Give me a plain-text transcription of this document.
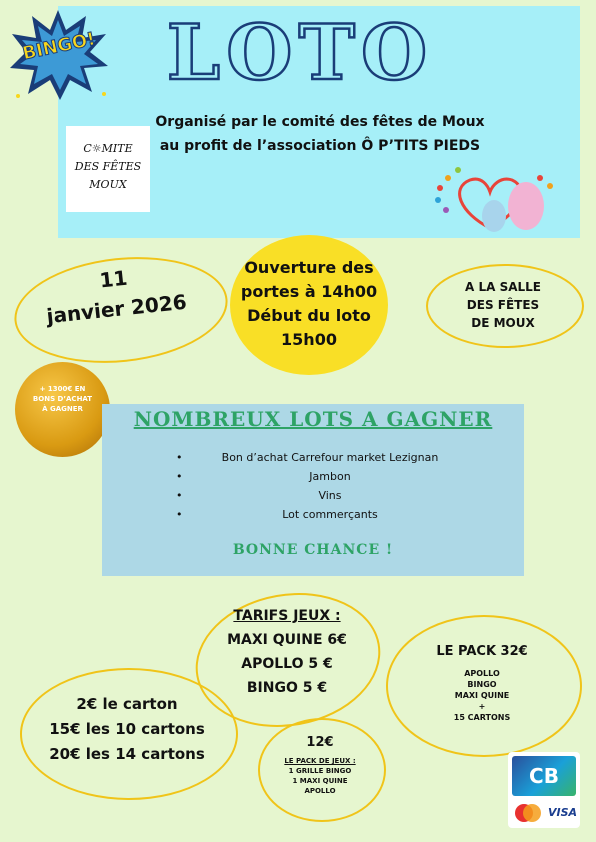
BINGO! LOTO
Organisé par le comité des fêtes de Moux
au profit de l’association Ô P’TITS PIEDS
C☼MITE
DES FÊTES
MOUX
11
janvier 2026
Ouverture des
portes à 14h00
Début du loto
15h00
A LA SALLE
DES FÊTES
DE MOUX
+ 1300€ EN
BONS D’ACHAT
À GAGNER	NOMBREUX LOTS A GAGNER
• Bon d’achat Carrefour market Lezignan
• Jambon
• Vins
• Lot commerçants
BONNE CHANCE !
TARIFS JEUX :
MAXI QUINE 6€
APOLLO 5 €
BINGO 5 €
LE PACK 32€
APOLLO
BINGO
MAXI QUINE
+
15 CARTONS
2€ le carton
15€ les 10 cartons
20€ les 14 cartons
12€
LE PACK DE JEUX :
1 GRILLE BINGO
1 MAXI QUINE
APOLLO
CB
VISA
